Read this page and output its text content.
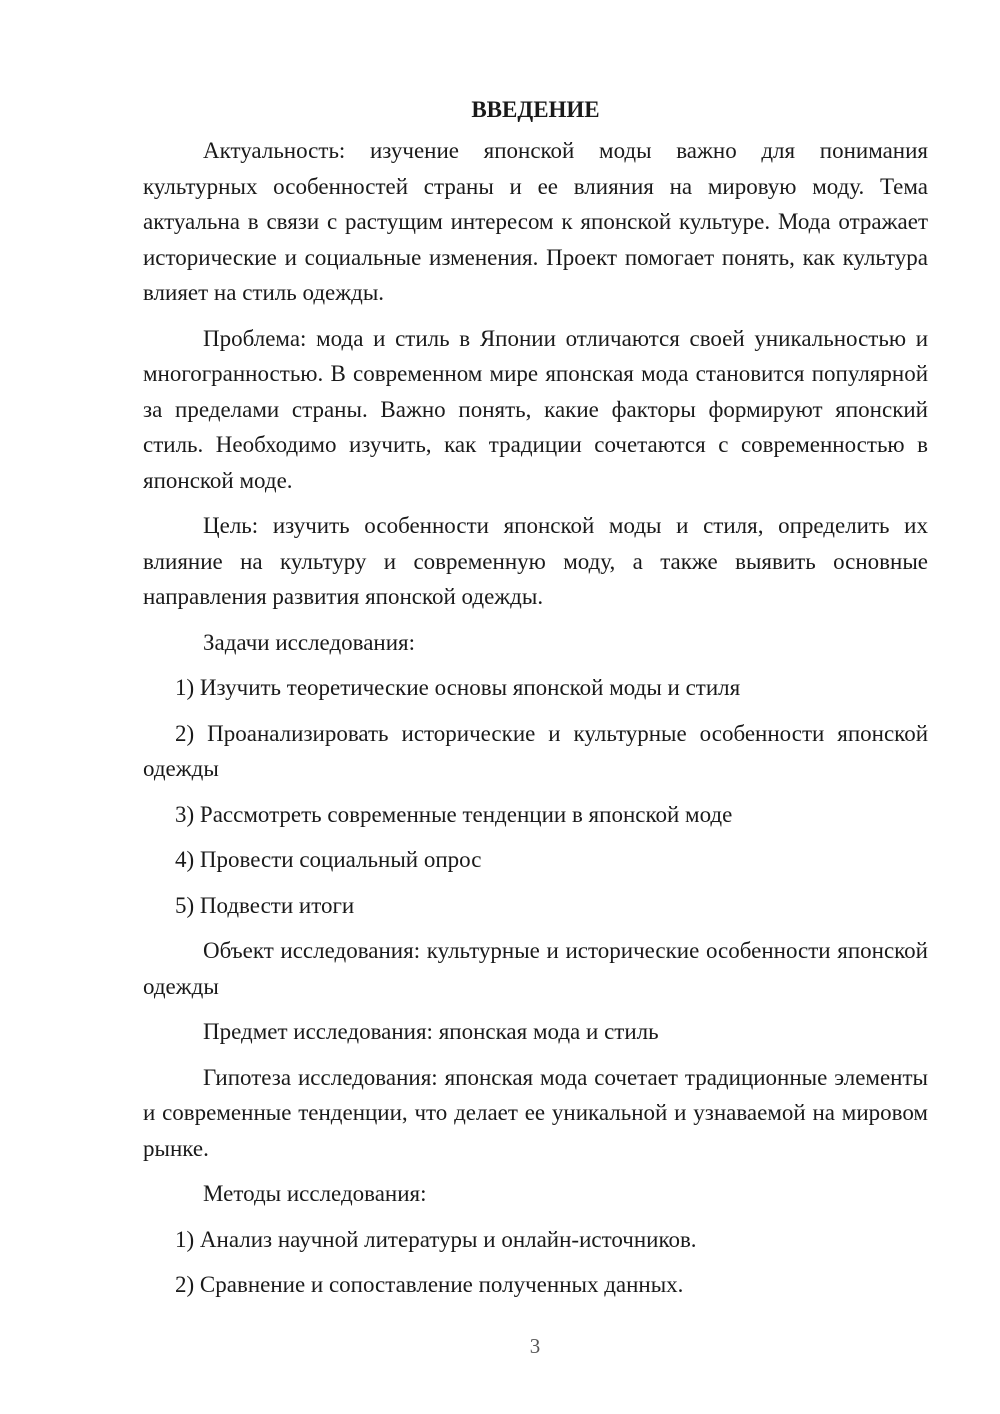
ВВЕДЕНИЕ

Актуальность: изучение японской моды важно для понимания культурных особенностей страны и ее влияния на мировую моду. Тема актуальна в связи с растущим интересом к японской культуре. Мода отражает исторические и социальные изменения. Проект помогает понять, как культура влияет на стиль одежды.

Проблема: мода и стиль в Японии отличаются своей уникальностью и многогранностью. В современном мире японская мода становится популярной за пределами страны. Важно понять, какие факторы формируют японский стиль. Необходимо изучить, как традиции сочетаются с современностью в японской моде.

Цель: изучить особенности японской моды и стиля, определить их влияние на культуру и современную моду, а также выявить основные направления развития японской одежды.

Задачи исследования:

1) Изучить теоретические основы японской моды и стиля

2) Проанализировать исторические и культурные особенности японской одежды

3) Рассмотреть современные тенденции в японской моде

4) Провести социальный опрос

5) Подвести итоги

Объект исследования: культурные и исторические особенности японской одежды

Предмет исследования: японская мода и стиль

Гипотеза исследования: японская мода сочетает традиционные элементы и современные тенденции, что делает ее уникальной и узнаваемой на мировом рынке.

Методы исследования:

1) Анализ научной литературы и онлайн-источников.

2) Сравнение и сопоставление полученных данных.

3
